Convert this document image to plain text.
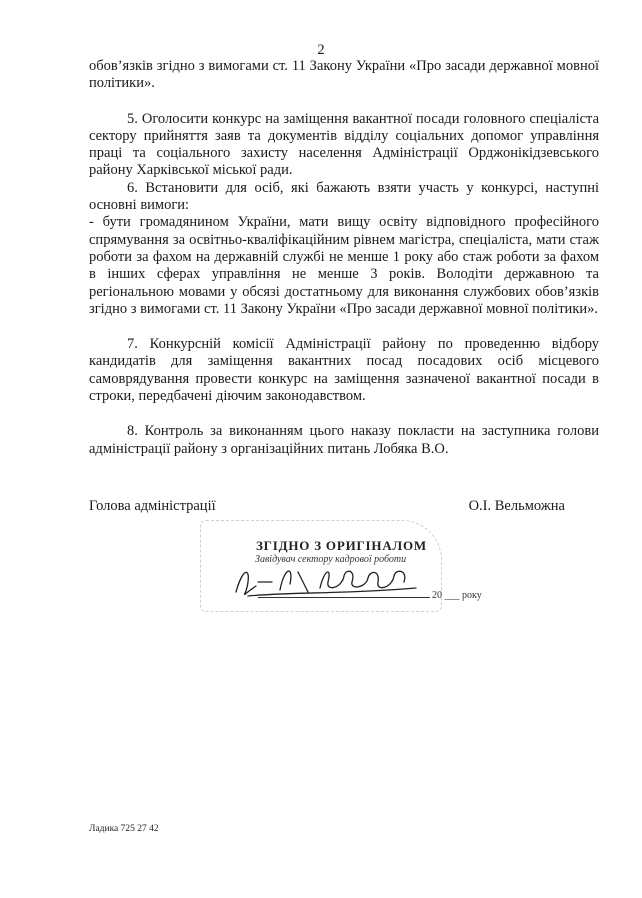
2

обов’язків згідно з вимогами ст. 11 Закону України «Про засади державної мовної політики».

5. Оголосити конкурс на заміщення вакантної посади головного спеціаліста сектору прийняття заяв та документів відділу соціальних допомог управління праці та соціального захисту населення Адміністрації Орджонікідзевського району Харківської міської ради.

6. Встановити для осіб, які бажають взяти участь у конкурсі, наступні основні вимоги:

- бути громадянином України, мати вищу освіту відповідного професійного спрямування за освітньо-кваліфікаційним рівнем магістра, спеціаліста, мати стаж роботи за фахом на державній службі не менше 1 року або стаж роботи за фахом в інших сферах управління не менше 3 років. Володіти державною та регіональною мовами у обсязі достатньому для виконання службових обов’язків згідно з вимогами ст. 11 Закону України «Про засади державної мовної політики».

7. Конкурсній комісії Адміністрації району по проведенню відбору кандидатів для заміщення вакантних посад посадових осіб місцевого самоврядування провести конкурс на заміщення зазначеної вакантної посади в строки, передбачені діючим законодавством.

8. Контроль за виконанням цього наказу покласти на заступника голови адміністрації району з організаційних питань Лобяка В.О.

Голова адміністрації	О.І. Вельможна
ЗГІДНО З ОРИГІНАЛОМ
Завідувач сектору кадрової роботи
20 ___ року
Ладика 725 27 42
